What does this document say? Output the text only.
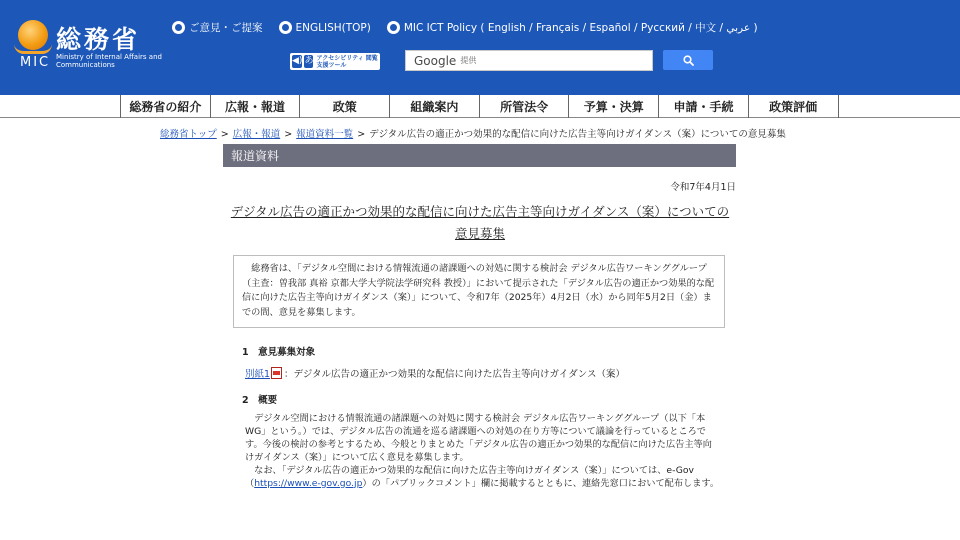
総務省
MIC Ministry of Internal Affairs and Communications
ご意見・ご提案	ENGLISH(TOP)	MIC ICT Policy ( English / Français / Español / Русский / 中文 / عربي )
◀) あ アクセシビリティ 閲覧支援ツール	Google 提供
総務省の紹介	広報・報道	政策	組織案内	所管法令	予算・決算	申請・手続	政策評価
総務省トップ > 広報・報道 > 報道資料一覧 > デジタル広告の適正かつ効果的な配信に向けた広告主等向けガイダンス（案）についての意見募集
報道資料
令和7年4月1日
デジタル広告の適正かつ効果的な配信に向けた広告主等向けガイダンス（案）についての意見募集
　総務省は、「デジタル空間における情報流通の諸課題への対処に関する検討会 デジタル広告ワーキンググループ（主査：曽我部 真裕 京都大学大学院法学研究科 教授）」において提示された「デジタル広告の適正かつ効果的な配信に向けた広告主等向けガイダンス（案）」について、令和7年（2025年）4月2日（水）から同年5月2日（金）までの間、意見を募集します。
1　意見募集対象
別紙1 ：デジタル広告の適正かつ効果的な配信に向けた広告主等向けガイダンス（案）
2　概要

　デジタル空間における情報流通の諸課題への対処に関する検討会 デジタル広告ワーキンググループ（以下「本WG」という。）では、デジタル広告の流通を巡る諸課題への対処の在り方等について議論を行っているところです。今後の検討の参考とするため、今般とりまとめた「デジタル広告の適正かつ効果的な配信に向けた広告主等向けガイダンス（案）」について広く意見を募集します。

　なお、「デジタル広告の適正かつ効果的な配信に向けた広告主等向けガイダンス（案）」については、e-Gov（https://www.e-gov.go.jp）の「パブリックコメント」欄に掲載するとともに、連絡先窓口において配布します。
